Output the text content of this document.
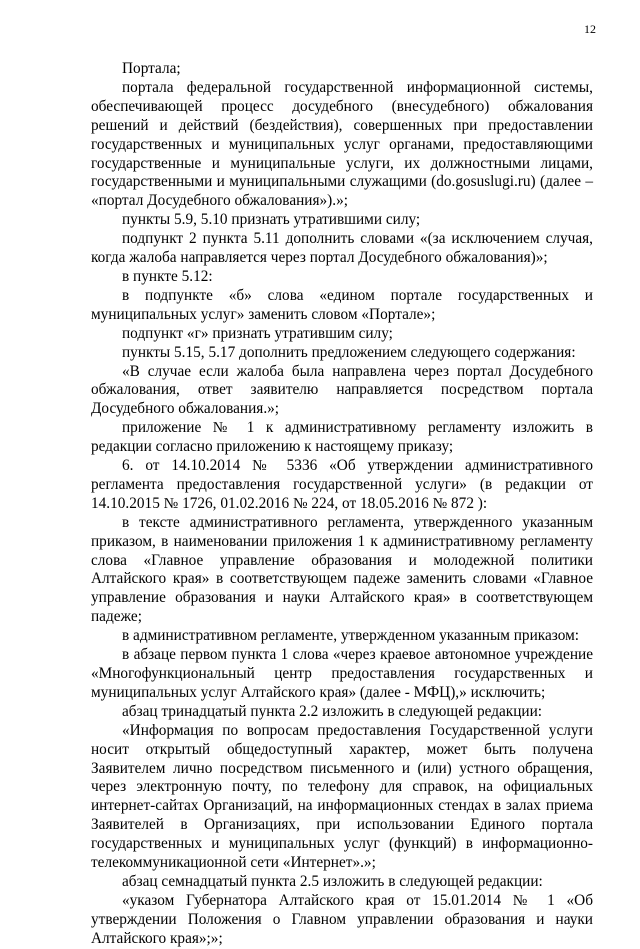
12

Портала;

портала федеральной государственной информационной системы, обеспечивающей процесс досудебного (внесудебного) обжалования решений и действий (бездействия), совершенных при предоставлении государственных и муниципальных услуг органами, предоставляющими государственные и муниципальные услуги, их должностными лицами, государственными и муниципальными служащими (do.gosuslugi.ru) (далее – «портал Досудебного обжалования»).»;

пункты 5.9, 5.10 признать утратившими силу;

подпункт 2 пункта 5.11 дополнить словами «(за исключением случая, когда жалоба направляется через портал Досудебного обжалования)»;

в пункте 5.12:

в подпункте «б» слова «едином портале государственных и муниципальных услуг» заменить словом «Портале»;

подпункт «г» признать утратившим силу;

пункты 5.15, 5.17 дополнить предложением следующего содержания:

«В случае если жалоба была направлена через портал Досудебного обжалования, ответ заявителю направляется посредством портала Досудебного обжалования.»;

приложение № 1 к административному регламенту изложить в редакции согласно приложению к настоящему приказу;

6. от 14.10.2014 № 5336 «Об утверждении административного регламента предоставления государственной услуги» (в редакции от 14.10.2015 № 1726, 01.02.2016 № 224, от 18.05.2016 № 872 ):

в тексте административного регламента, утвержденного указанным приказом, в наименовании приложения 1 к административному регламенту слова «Главное управление образования и молодежной политики Алтайского края» в соответствующем падеже заменить словами «Главное управление образования и науки Алтайского края» в соответствующем падеже;

в административном регламенте, утвержденном указанным приказом:

в абзаце первом пункта 1 слова «через краевое автономное учреждение «Многофункциональный центр предоставления государственных и муниципальных услуг Алтайского края» (далее - МФЦ),» исключить;

абзац тринадцатый пункта 2.2 изложить в следующей редакции:

«Информация по вопросам предоставления Государственной услуги носит открытый общедоступный характер, может быть получена Заявителем лично посредством письменного и (или) устного обращения, через электронную почту, по телефону для справок, на официальных интернет-сайтах Организаций, на информационных стендах в залах приема Заявителей в Организациях, при использовании Единого портала государственных и муниципальных услуг (функций) в информационно-телекоммуникационной сети «Интернет».»;

абзац семнадцатый пункта 2.5 изложить в следующей редакции:

«указом Губернатора Алтайского края от 15.01.2014 № 1 «Об утверждении Положения о Главном управлении образования и науки Алтайского края»;»;
